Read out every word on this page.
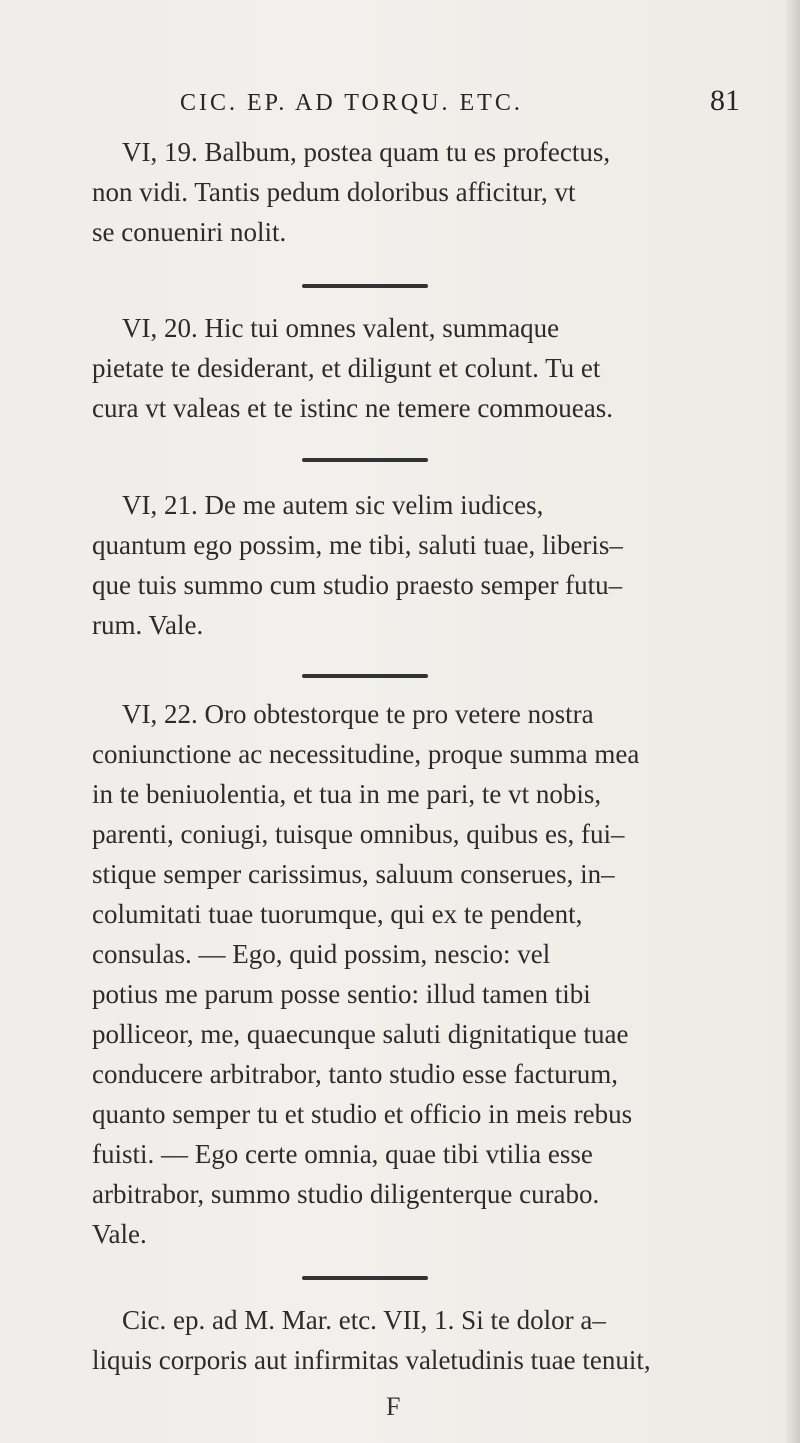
CIC. EP. AD TORQU. ETC.	81
VI, 19. Balbum, postea quam tu es profectus,
non vidi. Tantis pedum doloribus afficitur, vt
se conueniri nolit.
VI, 20. Hic tui omnes valent, summaque
pietate te desiderant, et diligunt et colunt. Tu et
cura vt valeas et te istinc ne temere commoueas.
VI, 21. De me autem sic velim iudices,
quantum ego possim, me tibi, saluti tuae, liberis–
que tuis summo cum studio praesto semper futu–
rum. Vale.
VI, 22. Oro obtestorque te pro vetere nostra
coniunctione ac necessitudine, proque summa mea
in te beniuolentia, et tua in me pari, te vt nobis,
parenti, coniugi, tuisque omnibus, quibus es, fui–
stique semper carissimus, saluum conserues, in–
columitati tuae tuorumque, qui ex te pendent,
consulas. — Ego, quid possim, nescio: vel
potius me parum posse sentio: illud tamen tibi
polliceor, me, quaecunque saluti dignitatique tuae
conducere arbitrabor, tanto studio esse facturum,
quanto semper tu et studio et officio in meis rebus
fuisti. — Ego certe omnia, quae tibi vtilia esse
arbitrabor, summo studio diligenterque curabo.
Vale.
Cic. ep. ad M. Mar. etc. VII, 1. Si te dolor a–
liquis corporis aut infirmitas valetudinis tuae tenuit,
F
